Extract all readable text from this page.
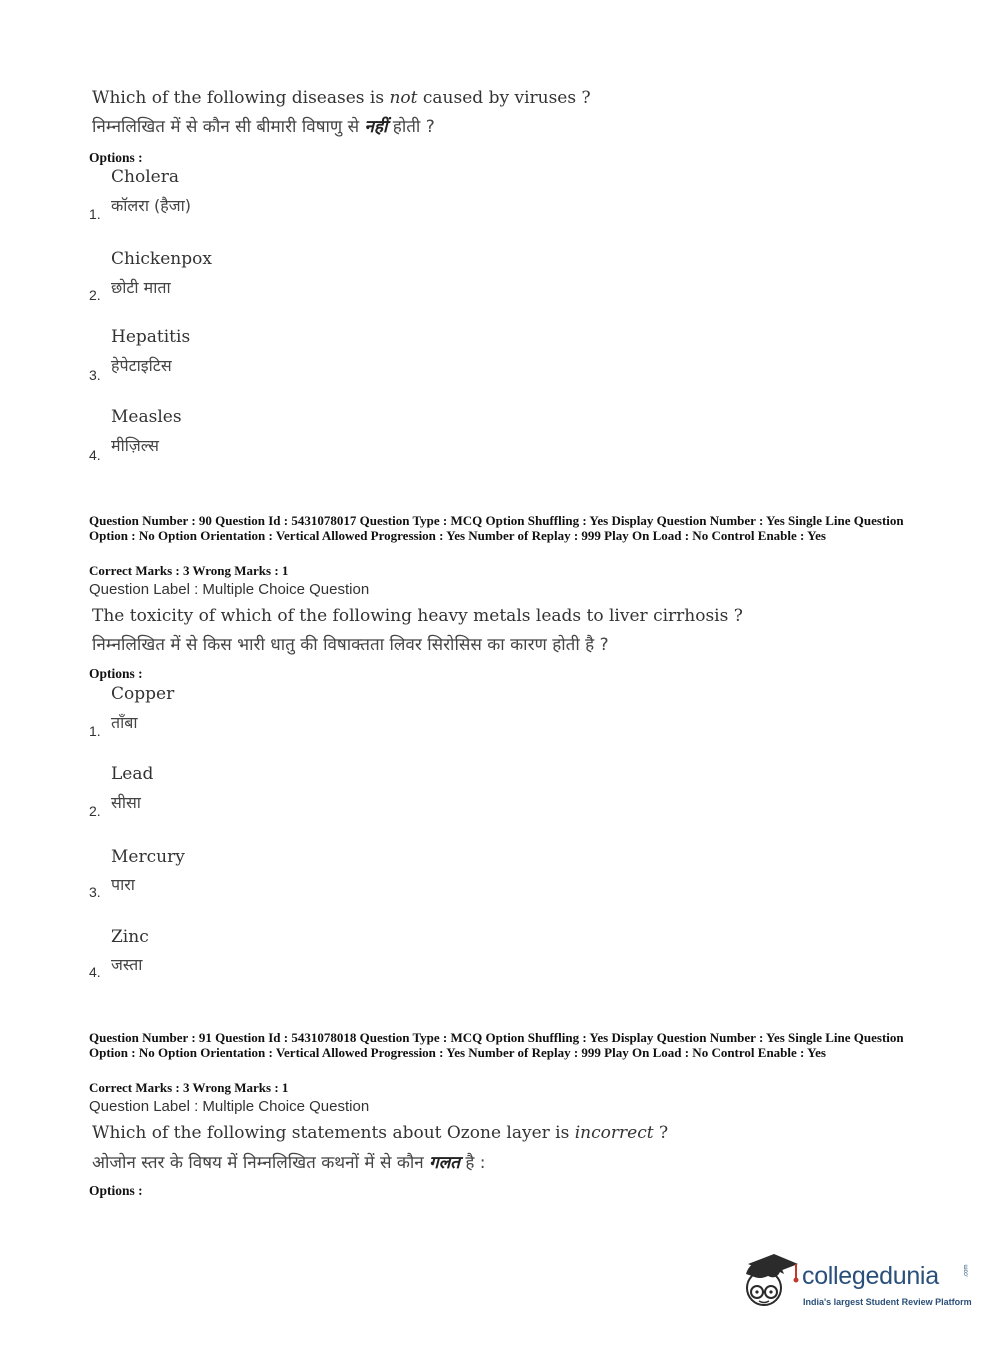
Which of the following diseases is not caused by viruses ?
निम्नलिखित में से कौन सी बीमारी विषाणु से नहीं होती ?
Options :
Cholera
कॉलरा (हैजा)
1.
Chickenpox
छोटी माता
2.
Hepatitis
हेपेटाइटिस
3.
Measles
मीज़िल्स
4.
Question Number : 90 Question Id : 5431078017 Question Type : MCQ Option Shuffling : Yes Display Question Number : Yes Single Line Question Option : No Option Orientation : Vertical Allowed Progression : Yes Number of Replay : 999 Play On Load : No Control Enable : Yes
Correct Marks : 3 Wrong Marks : 1
Question Label : Multiple Choice Question
The toxicity of which of the following heavy metals leads to liver cirrhosis ?
निम्नलिखित में से किस भारी धातु की विषाक्तता लिवर सिरोसिस का कारण होती है ?
Options :
Copper
ताँबा
1.
Lead
सीसा
2.
Mercury
पारा
3.
Zinc
जस्ता
4.
Question Number : 91 Question Id : 5431078018 Question Type : MCQ Option Shuffling : Yes Display Question Number : Yes Single Line Question Option : No Option Orientation : Vertical Allowed Progression : Yes Number of Replay : 999 Play On Load : No Control Enable : Yes
Correct Marks : 3 Wrong Marks : 1
Question Label : Multiple Choice Question
Which of the following statements about Ozone layer is incorrect ?
ओजोन स्तर के विषय में निम्नलिखित कथनों में से कौन गलत है :
Options :
collegedunia	.com
India's largest Student Review Platform
